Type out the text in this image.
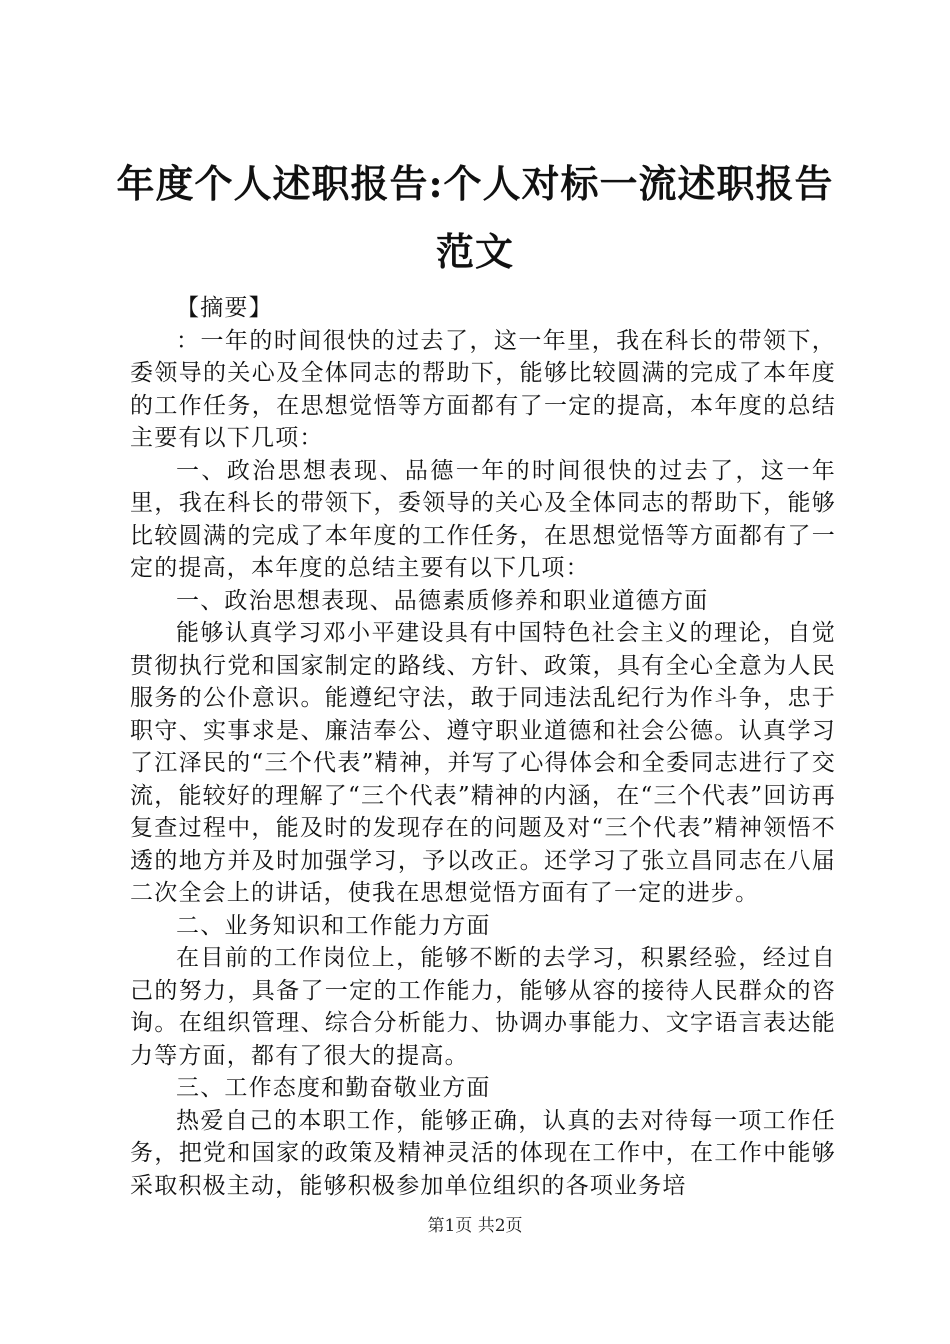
年度个人述职报告:个人对标一流述职报告范文

【摘要】

：一年的时间很快的过去了，这一年里，我在科长的带领下，委领导的关心及全体同志的帮助下，能够比较圆满的完成了本年度的工作任务，在思想觉悟等方面都有了一定的提高，本年度的总结主要有以下几项：

一、政治思想表现、品德一年的时间很快的过去了，这一年里，我在科长的带领下，委领导的关心及全体同志的帮助下，能够比较圆满的完成了本年度的工作任务，在思想觉悟等方面都有了一定的提高，本年度的总结主要有以下几项：

一、政治思想表现、品德素质修养和职业道德方面

能够认真学习邓小平建设具有中国特色社会主义的理论，自觉贯彻执行党和国家制定的路线、方针、政策，具有全心全意为人民服务的公仆意识。能遵纪守法，敢于同违法乱纪行为作斗争，忠于职守、实事求是、廉洁奉公、遵守职业道德和社会公德。认真学习了江泽民的“三个代表”精神，并写了心得体会和全委同志进行了交流，能较好的理解了“三个代表”精神的内涵，在“三个代表”回访再复查过程中，能及时的发现存在的问题及对“三个代表”精神领悟不透的地方并及时加强学习，予以改正。还学习了张立昌同志在八届二次全会上的讲话，使我在思想觉悟方面有了一定的进步。

二、业务知识和工作能力方面

在目前的工作岗位上，能够不断的去学习，积累经验，经过自己的努力，具备了一定的工作能力，能够从容的接待人民群众的咨询。在组织管理、综合分析能力、协调办事能力、文字语言表达能力等方面，都有了很大的提高。

三、工作态度和勤奋敬业方面

热爱自己的本职工作，能够正确，认真的去对待每一项工作任务，把党和国家的政策及精神灵活的体现在工作中，在工作中能够采取积极主动，能够积极参加单位组织的各项业务培

第1页 共2页
